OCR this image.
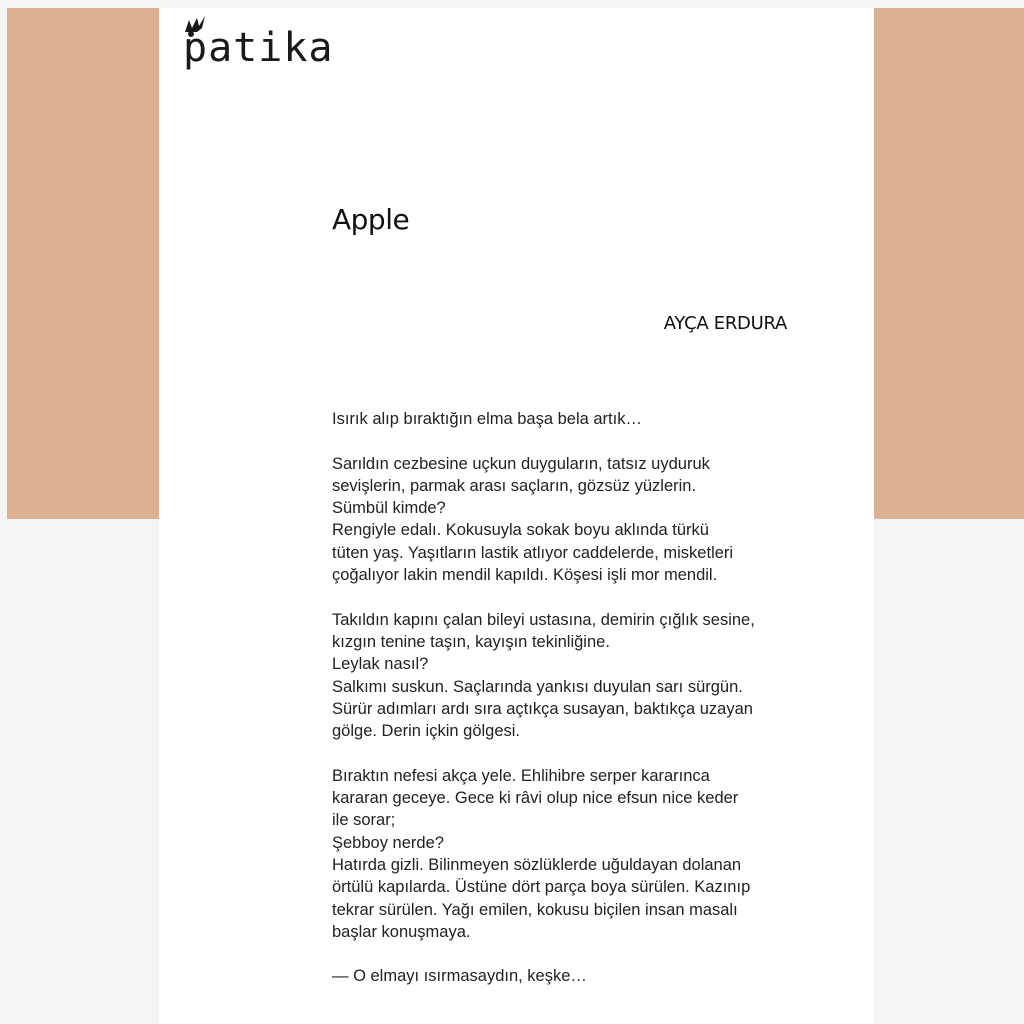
patika
Apple
AYÇA ERDURA

Isırık alıp bıraktığın elma başa bela artık…

Sarıldın cezbesine uçkun duyguların, tatsız uyduruk
sevişlerin, parmak arası saçların, gözsüz yüzlerin.
Sümbül kimde?
Rengiyle edalı. Kokusuyla sokak boyu aklında türkü
tüten yaş. Yaşıtların lastik atlıyor caddelerde, misketleri
çoğalıyor lakin mendil kapıldı. Köşesi işli mor mendil.

Takıldın kapını çalan bileyi ustasına, demirin çığlık sesine,
kızgın tenine taşın, kayışın tekinliğine.
Leylak nasıl?
Salkımı suskun. Saçlarında yankısı duyulan sarı sürgün.
Sürür adımları ardı sıra açtıkça susayan, baktıkça uzayan
gölge. Derin içkin gölgesi.

Bıraktın nefesi akça yele. Ehlihibre serper kararınca
kararan geceye. Gece ki râvi olup nice efsun nice keder
ile sorar;
Şebboy nerde?
Hatırda gizli. Bilinmeyen sözlüklerde uğuldayan dolanan
örtülü kapılarda. Üstüne dört parça boya sürülen. Kazınıp
tekrar sürülen. Yağı emilen, kokusu biçilen insan masalı
başlar konuşmaya.

— O elmayı ısırmasaydın, keşke…
